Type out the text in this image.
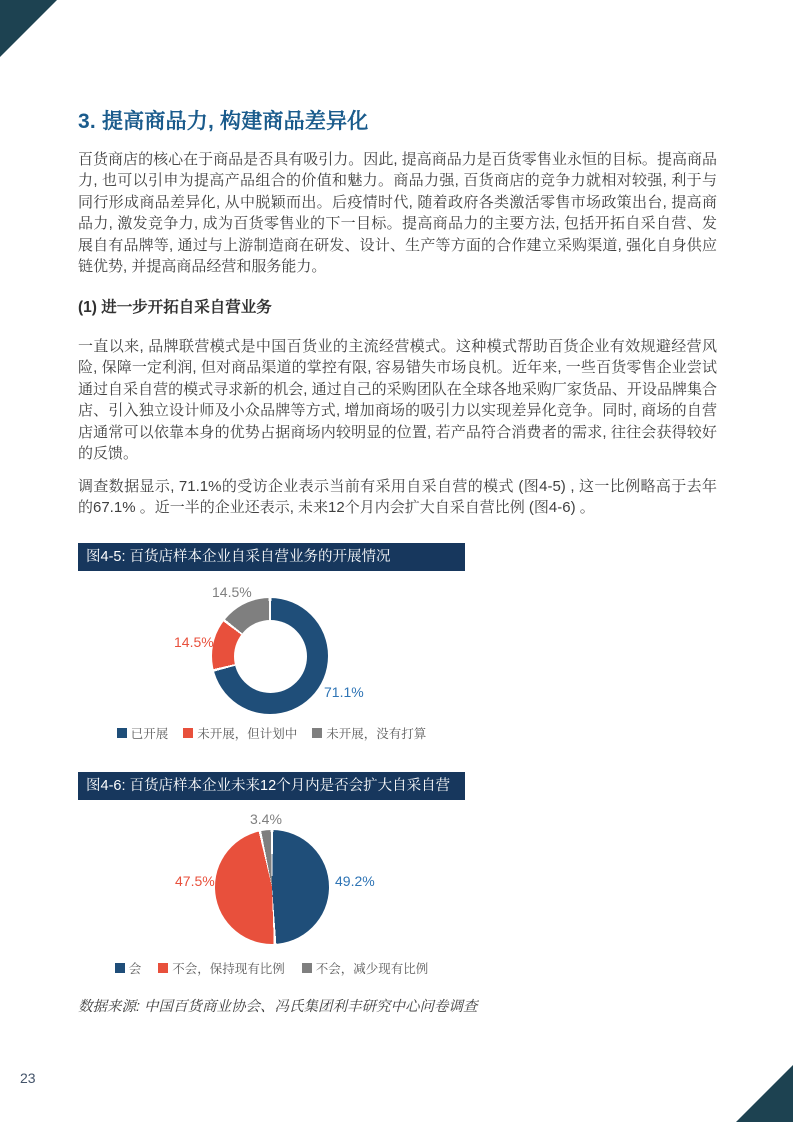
3. 提高商品力, 构建商品差异化

百货商店的核心在于商品是否具有吸引力。因此, 提高商品力是百货零售业永恒的目标。提高商品力, 也可以引申为提高产品组合的价值和魅力。商品力强, 百货商店的竞争力就相对较强, 利于与同行形成商品差异化, 从中脱颖而出。后疫情时代, 随着政府各类激活零售市场政策出台, 提高商品力, 激发竞争力, 成为百货零售业的下一目标。提高商品力的主要方法, 包括开拓自采自营、发展自有品牌等, 通过与上游制造商在研发、设计、生产等方面的合作建立采购渠道, 强化自身供应链优势, 并提高商品经营和服务能力。

(1) 进一步开拓自采自营业务

一直以来, 品牌联营模式是中国百货业的主流经营模式。这种模式帮助百货企业有效规避经营风险, 保障一定利润, 但对商品渠道的掌控有限, 容易错失市场良机。近年来, 一些百货零售企业尝试通过自采自营的模式寻求新的机会, 通过自己的采购团队在全球各地采购厂家货品、开设品牌集合店、引入独立设计师及小众品牌等方式, 增加商场的吸引力以实现差异化竞争。同时, 商场的自营店通常可以依靠本身的优势占据商场内较明显的位置, 若产品符合消费者的需求, 往往会获得较好的反馈。

调查数据显示, 71.1%的受访企业表示当前有采用自采自营的模式 (图4-5) , 这一比例略高于去年的67.1% 。近一半的企业还表示, 未来12个月内会扩大自采自营比例 (图4-6) 。

图4-5: 百货店样本企业自采自营业务的开展情况
14.5%
14.5%
71.1%
已开展 未开展，但计划中 未开展，没有打算
图4-6: 百货店样本企业未来12个月内是否会扩大自采自营
3.4%
47.5%	49.2%
会 不会，保持现有比例 不会，减少现有比例
数据来源: 中国百货商业协会、冯氏集团利丰研究中心问卷调查
23
